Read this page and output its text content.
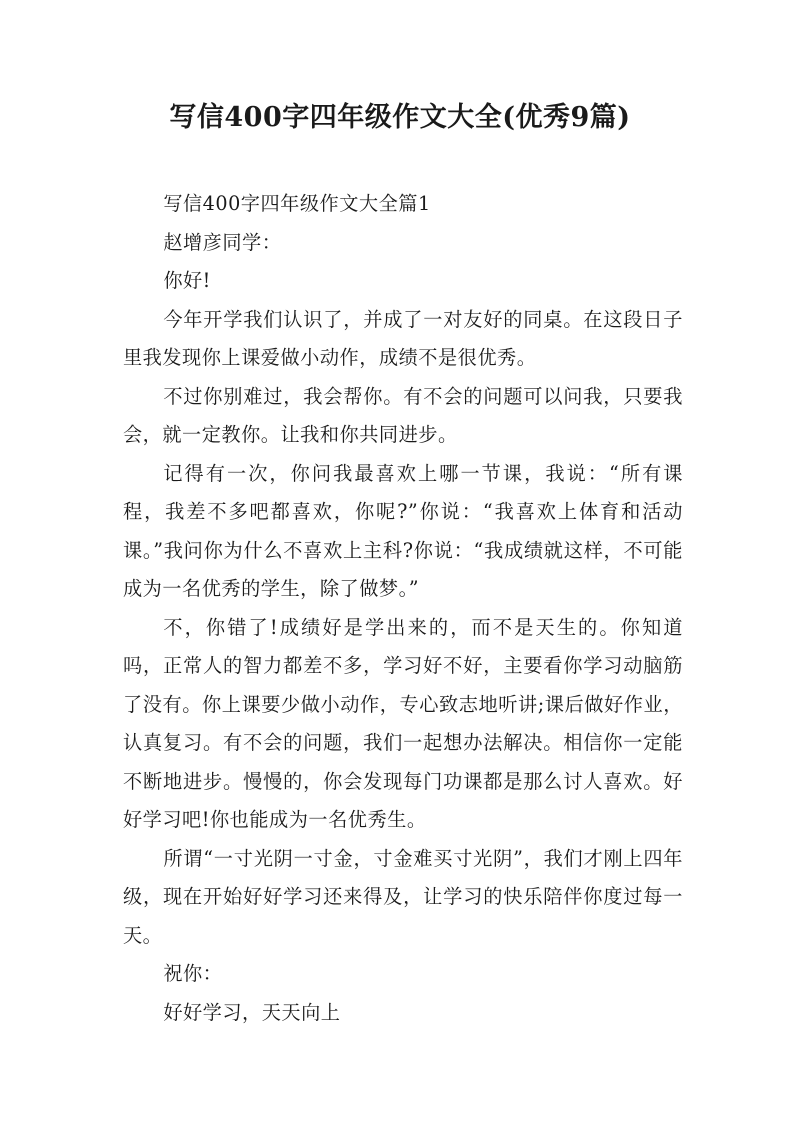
写信400字四年级作文大全(优秀9篇)

写信400字四年级作文大全篇1

赵增彦同学：

你好!

今年开学我们认识了，并成了一对友好的同桌。在这段日子里我发现你上课爱做小动作，成绩不是很优秀。

不过你别难过，我会帮你。有不会的问题可以问我，只要我会，就一定教你。让我和你共同进步。

记得有一次，你问我最喜欢上哪一节课，我说：“所有课程，我差不多吧都喜欢，你呢?”你说：“我喜欢上体育和活动课。”我问你为什么不喜欢上主科?你说：“我成绩就这样，不可能成为一名优秀的学生，除了做梦。”

不，你错了!成绩好是学出来的，而不是天生的。你知道吗，正常人的智力都差不多，学习好不好，主要看你学习动脑筋了没有。你上课要少做小动作，专心致志地听讲;课后做好作业，认真复习。有不会的问题，我们一起想办法解决。相信你一定能不断地进步。慢慢的，你会发现每门功课都是那么讨人喜欢。好好学习吧!你也能成为一名优秀生。

所谓“一寸光阴一寸金，寸金难买寸光阴”，我们才刚上四年级，现在开始好好学习还来得及，让学习的快乐陪伴你度过每一天。

祝你：

好好学习，天天向上
